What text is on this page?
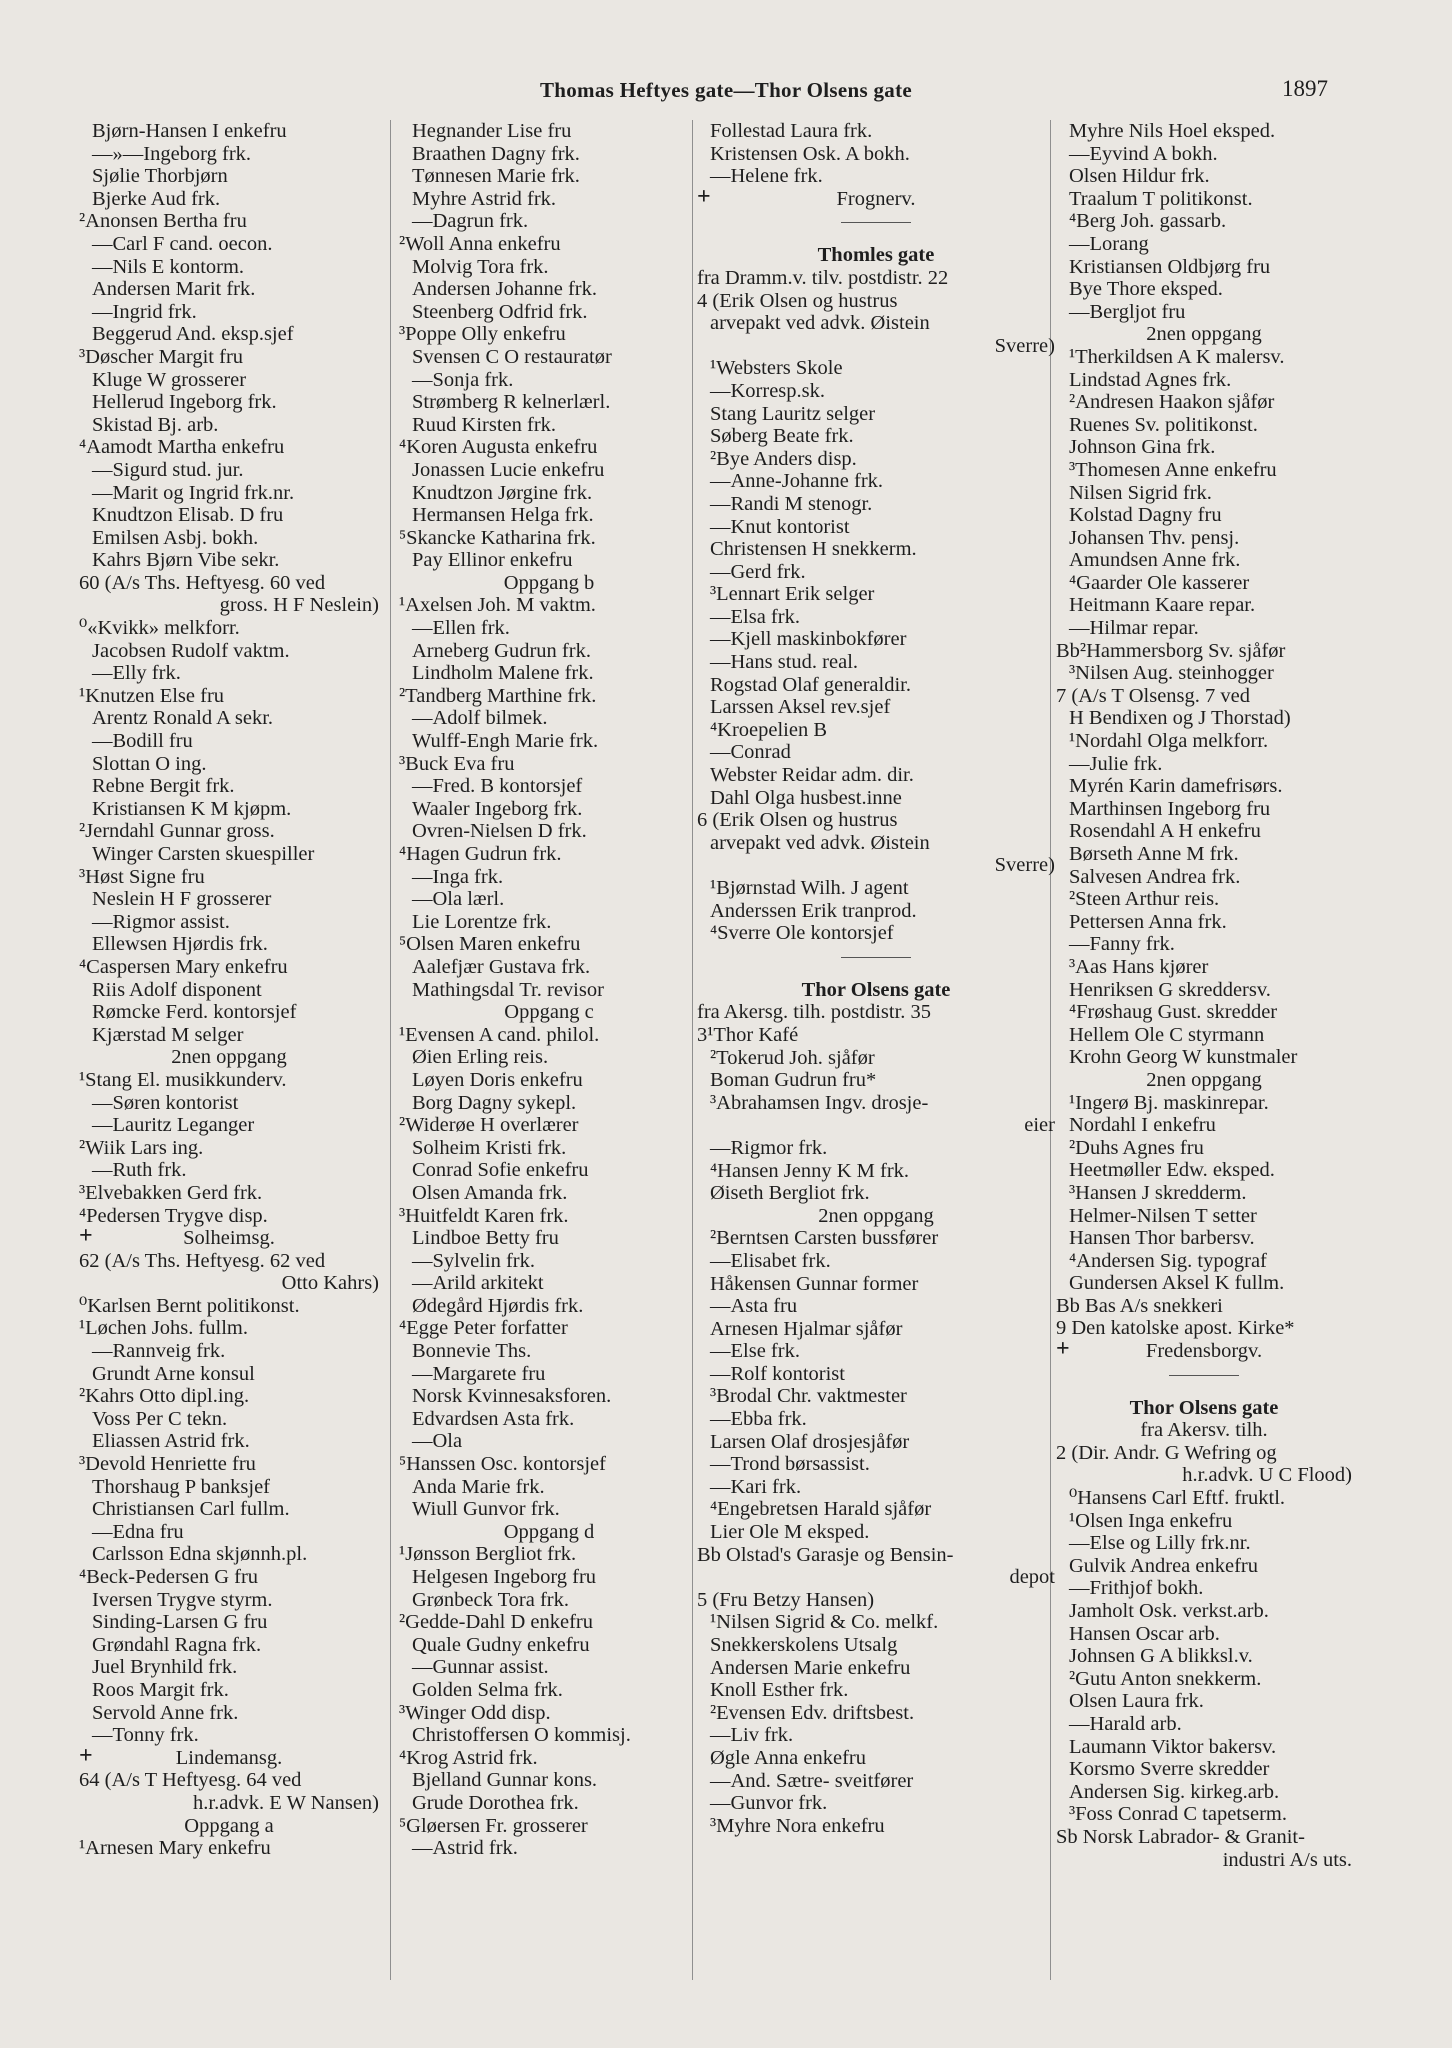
Thomas Heftyes gate—Thor Olsens gate	1897
Bjørn-Hansen I enkefru
—»—Ingeborg frk.
Sjølie Thorbjørn
Bjerke Aud frk.
²Anonsen Bertha fru
—Carl F cand. oecon.
—Nils E kontorm.
Andersen Marit frk.
—Ingrid frk.
Beggerud And. eksp.sjef
³Døscher Margit fru
Kluge W grosserer
Hellerud Ingeborg frk.
Skistad Bj. arb.
⁴Aamodt Martha enkefru
—Sigurd stud. jur.
—Marit og Ingrid frk.nr.
Knudtzon Elisab. D fru
Emilsen Asbj. bokh.
Kahrs Bjørn Vibe sekr.
60 (A/s Ths. Heftyesg. 60 ved
gross. H F Neslein)
⁰«Kvikk» melkforr.
Jacobsen Rudolf vaktm.
—Elly frk.
¹Knutzen Else fru
Arentz Ronald A sekr.
—Bodill fru
Slottan O ing.
Rebne Bergit frk.
Kristiansen K M kjøpm.
²Jerndahl Gunnar gross.
Winger Carsten skuespiller
³Høst Signe fru
Neslein H F grosserer
—Rigmor assist.
Ellewsen Hjørdis frk.
⁴Caspersen Mary enkefru
Riis Adolf disponent
Rømcke Ferd. kontorsjef
Kjærstad M selger
2nen oppgang
¹Stang El. musikkunderv.
—Søren kontorist
—Lauritz Leganger
²Wiik Lars ing.
—Ruth frk.
³Elvebakken Gerd frk.
⁴Pedersen Trygve disp.
+	Solheimsg.
62 (A/s Ths. Heftyesg. 62 ved
Otto Kahrs)
⁰Karlsen Bernt politikonst.
¹Løchen Johs. fullm.
—Rannveig frk.
Grundt Arne konsul
²Kahrs Otto dipl.ing.
Voss Per C tekn.
Eliassen Astrid frk.
³Devold Henriette fru
Thorshaug P banksjef
Christiansen Carl fullm.
—Edna fru
Carlsson Edna skjønnh.pl.
⁴Beck-Pedersen G fru
Iversen Trygve styrm.
Sinding-Larsen G fru
Grøndahl Ragna frk.
Juel Brynhild frk.
Roos Margit frk.
Servold Anne frk.
—Tonny frk.
+	Lindemansg.
64 (A/s T Heftyesg. 64 ved
h.r.advk. E W Nansen)
Oppgang a
¹Arnesen Mary enkefru
Hegnander Lise fru
Braathen Dagny frk.
Tønnesen Marie frk.
Myhre Astrid frk.
—Dagrun frk.
²Woll Anna enkefru
Molvig Tora frk.
Andersen Johanne frk.
Steenberg Odfrid frk.
³Poppe Olly enkefru
Svensen C O restauratør
—Sonja frk.
Strømberg R kelnerlærl.
Ruud Kirsten frk.
⁴Koren Augusta enkefru
Jonassen Lucie enkefru
Knudtzon Jørgine frk.
Hermansen Helga frk.
⁵Skancke Katharina frk.
Pay Ellinor enkefru
Oppgang b
¹Axelsen Joh. M vaktm.
—Ellen frk.
Arneberg Gudrun frk.
Lindholm Malene frk.
²Tandberg Marthine frk.
—Adolf bilmek.
Wulff-Engh Marie frk.
³Buck Eva fru
—Fred. B kontorsjef
Waaler Ingeborg frk.
Ovren-Nielsen D frk.
⁴Hagen Gudrun frk.
—Inga frk.
—Ola lærl.
Lie Lorentze frk.
⁵Olsen Maren enkefru
Aalefjær Gustava frk.
Mathingsdal Tr. revisor
Oppgang c
¹Evensen A cand. philol.
Øien Erling reis.
Løyen Doris enkefru
Borg Dagny sykepl.
²Widerøe H overlærer
Solheim Kristi frk.
Conrad Sofie enkefru
Olsen Amanda frk.
³Huitfeldt Karen frk.
Lindboe Betty fru
—Sylvelin frk.
—Arild arkitekt
Ødegård Hjørdis frk.
⁴Egge Peter forfatter
Bonnevie Ths.
—Margarete fru
Norsk Kvinnesaksforen.
Edvardsen Asta frk.
—Ola
⁵Hanssen Osc. kontorsjef
Anda Marie frk.
Wiull Gunvor frk.
Oppgang d
¹Jønsson Bergliot frk.
Helgesen Ingeborg fru
Grønbeck Tora frk.
²Gedde-Dahl D enkefru
Quale Gudny enkefru
—Gunnar assist.
Golden Selma frk.
³Winger Odd disp.
Christoffersen O kommisj.
⁴Krog Astrid frk.
Bjelland Gunnar kons.
Grude Dorothea frk.
⁵Gløersen Fr. grosserer
—Astrid frk.
Follestad Laura frk.
Kristensen Osk. A bokh.
—Helene frk.
+	Frognerv.
Thomles gate
fra Dramm.v. tilv. postdistr. 22
4 (Erik Olsen og hustrus
arvepakt ved advk. Øistein
Sverre)
¹Websters Skole
—Korresp.sk.
Stang Lauritz selger
Søberg Beate frk.
²Bye Anders disp.
—Anne-Johanne frk.
—Randi M stenogr.
—Knut kontorist
Christensen H snekkerm.
—Gerd frk.
³Lennart Erik selger
—Elsa frk.
—Kjell maskinbokfører
—Hans stud. real.
Rogstad Olaf generaldir.
Larssen Aksel rev.sjef
⁴Kroepelien B
—Conrad
Webster Reidar adm. dir.
Dahl Olga husbest.inne
6 (Erik Olsen og hustrus
arvepakt ved advk. Øistein
Sverre)
¹Bjørnstad Wilh. J agent
Anderssen Erik tranprod.
⁴Sverre Ole kontorsjef
Thor Olsens gate
fra Akersg. tilh. postdistr. 35
3¹Thor Kafé
²Tokerud Joh. sjåfør
Boman Gudrun fru*
³Abrahamsen Ingv. drosje-
eier
—Rigmor frk.
⁴Hansen Jenny K M frk.
Øiseth Bergliot frk.
2nen oppgang
²Berntsen Carsten bussfører
—Elisabet frk.
Håkensen Gunnar former
—Asta fru
Arnesen Hjalmar sjåfør
—Else frk.
—Rolf kontorist
³Brodal Chr. vaktmester
—Ebba frk.
Larsen Olaf drosjesjåfør
—Trond børsassist.
—Kari frk.
⁴Engebretsen Harald sjåfør
Lier Ole M eksped.
Bb Olstad's Garasje og Bensin-
depot
5 (Fru Betzy Hansen)
¹Nilsen Sigrid & Co. melkf.
Snekkerskolens Utsalg
Andersen Marie enkefru
Knoll Esther frk.
²Evensen Edv. driftsbest.
—Liv frk.
Øgle Anna enkefru
—And. Sætre- sveitfører
—Gunvor frk.
³Myhre Nora enkefru
Myhre Nils Hoel eksped.
—Eyvind A bokh.
Olsen Hildur frk.
Traalum T politikonst.
⁴Berg Joh. gassarb.
—Lorang
Kristiansen Oldbjørg fru
Bye Thore eksped.
—Bergljot fru
2nen oppgang
¹Therkildsen A K malersv.
Lindstad Agnes frk.
²Andresen Haakon sjåfør
Ruenes Sv. politikonst.
Johnson Gina frk.
³Thomesen Anne enkefru
Nilsen Sigrid frk.
Kolstad Dagny fru
Johansen Thv. pensj.
Amundsen Anne frk.
⁴Gaarder Ole kasserer
Heitmann Kaare repar.
—Hilmar repar.
Bb²Hammersborg Sv. sjåfør
³Nilsen Aug. steinhogger
7 (A/s T Olsensg. 7 ved
H Bendixen og J Thorstad)
¹Nordahl Olga melkforr.
—Julie frk.
Myrén Karin damefrisørs.
Marthinsen Ingeborg fru
Rosendahl A H enkefru
Børseth Anne M frk.
Salvesen Andrea frk.
²Steen Arthur reis.
Pettersen Anna frk.
—Fanny frk.
³Aas Hans kjører
Henriksen G skreddersv.
⁴Frøshaug Gust. skredder
Hellem Ole C styrmann
Krohn Georg W kunstmaler
2nen oppgang
¹Ingerø Bj. maskinrepar.
Nordahl I enkefru
²Duhs Agnes fru
Heetmøller Edw. eksped.
³Hansen J skredderm.
Helmer-Nilsen T setter
Hansen Thor barbersv.
⁴Andersen Sig. typograf
Gundersen Aksel K fullm.
Bb Bas A/s snekkeri
9 Den katolske apost. Kirke*
+	Fredensborgv.
Thor Olsens gate
fra Akersv. tilh.
2 (Dir. Andr. G Wefring og
h.r.advk. U C Flood)
⁰Hansens Carl Eftf. fruktl.
¹Olsen Inga enkefru
—Else og Lilly frk.nr.
Gulvik Andrea enkefru
—Frithjof bokh.
Jamholt Osk. verkst.arb.
Hansen Oscar arb.
Johnsen G A blikksl.v.
²Gutu Anton snekkerm.
Olsen Laura frk.
—Harald arb.
Laumann Viktor bakersv.
Korsmo Sverre skredder
Andersen Sig. kirkeg.arb.
³Foss Conrad C tapetserm.
Sb Norsk Labrador- & Granit-
industri A/s uts.
